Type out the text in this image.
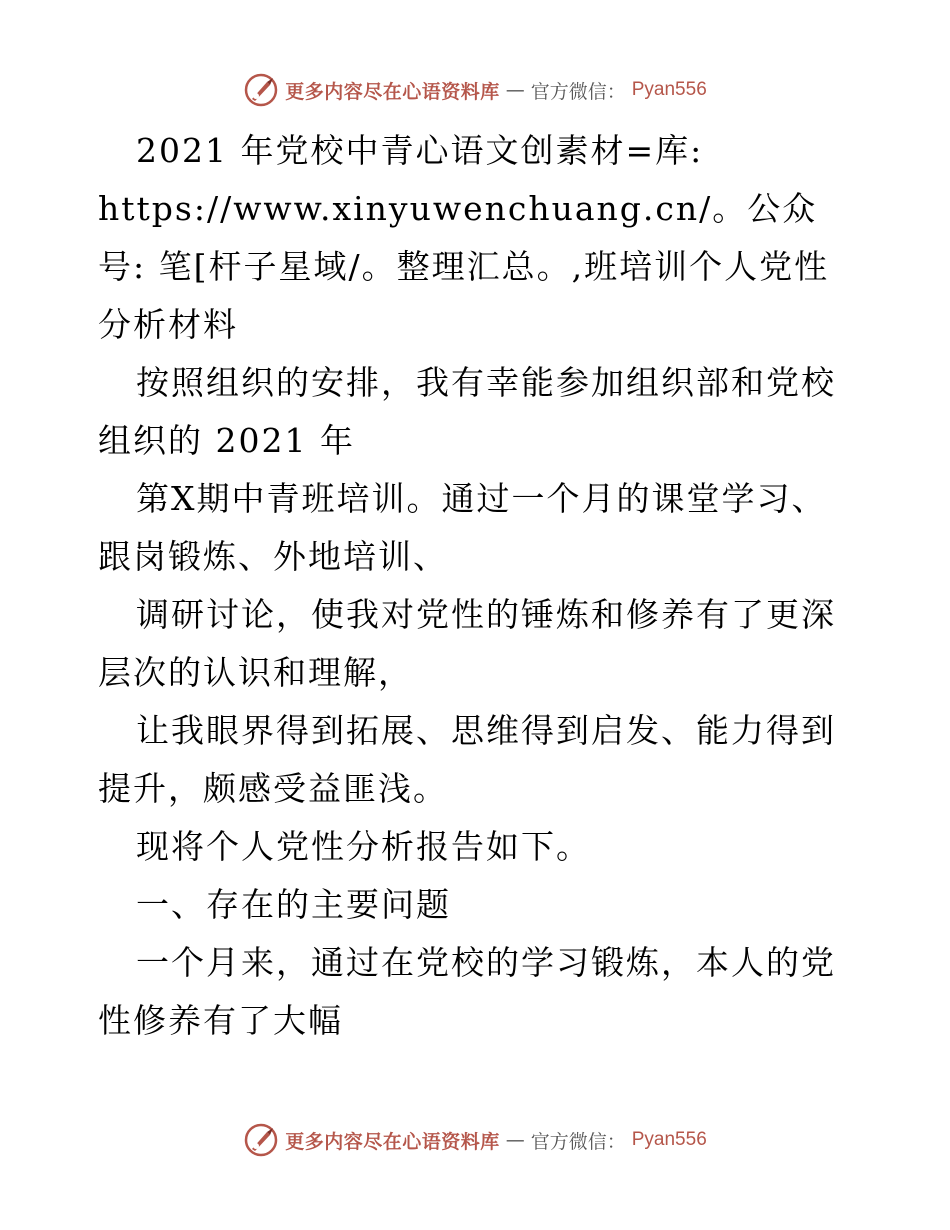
更多内容尽在心语资料库 — 官方微信： Pyan556

2021 年党校中青心语文创素材=库: https://www.xinyuwenchuang.cn/。公众号: 笔[杆子星域/。整理汇总。,班培训个人党性分析材料

按照组织的安排，我有幸能参加组织部和党校组织的 2021 年

第X期中青班培训。通过一个月的课堂学习、跟岗锻炼、外地培训、

调研讨论，使我对党性的锤炼和修养有了更深层次的认识和理解，

让我眼界得到拓展、思维得到启发、能力得到提升，颇感受益匪浅。

现将个人党性分析报告如下。

一、存在的主要问题

一个月来，通过在党校的学习锻炼，本人的党性修养有了大幅

更多内容尽在心语资料库 — 官方微信： Pyan556
